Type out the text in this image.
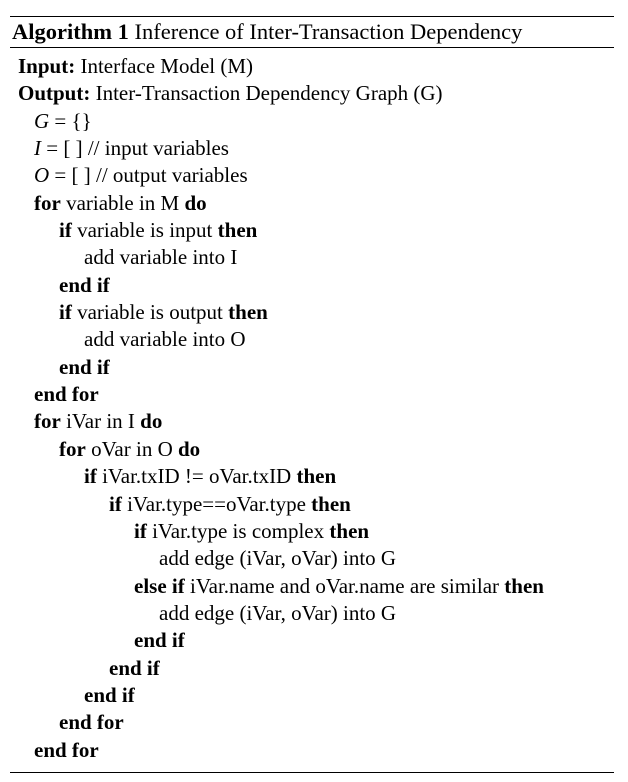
Algorithm 1 Inference of Inter-Transaction Dependency
Input: Interface Model (M)
Output: Inter-Transaction Dependency Graph (G)
G = {}
I = [ ] // input variables
O = [ ] // output variables
for variable in M do
if variable is input then
add variable into I
end if
if variable is output then
add variable into O
end if
end for
for iVar in I do
for oVar in O do
if iVar.txID != oVar.txID then
if iVar.type==oVar.type then
if iVar.type is complex then
add edge (iVar, oVar) into G
else if iVar.name and oVar.name are similar then
add edge (iVar, oVar) into G
end if
end if
end if
end for
end for
